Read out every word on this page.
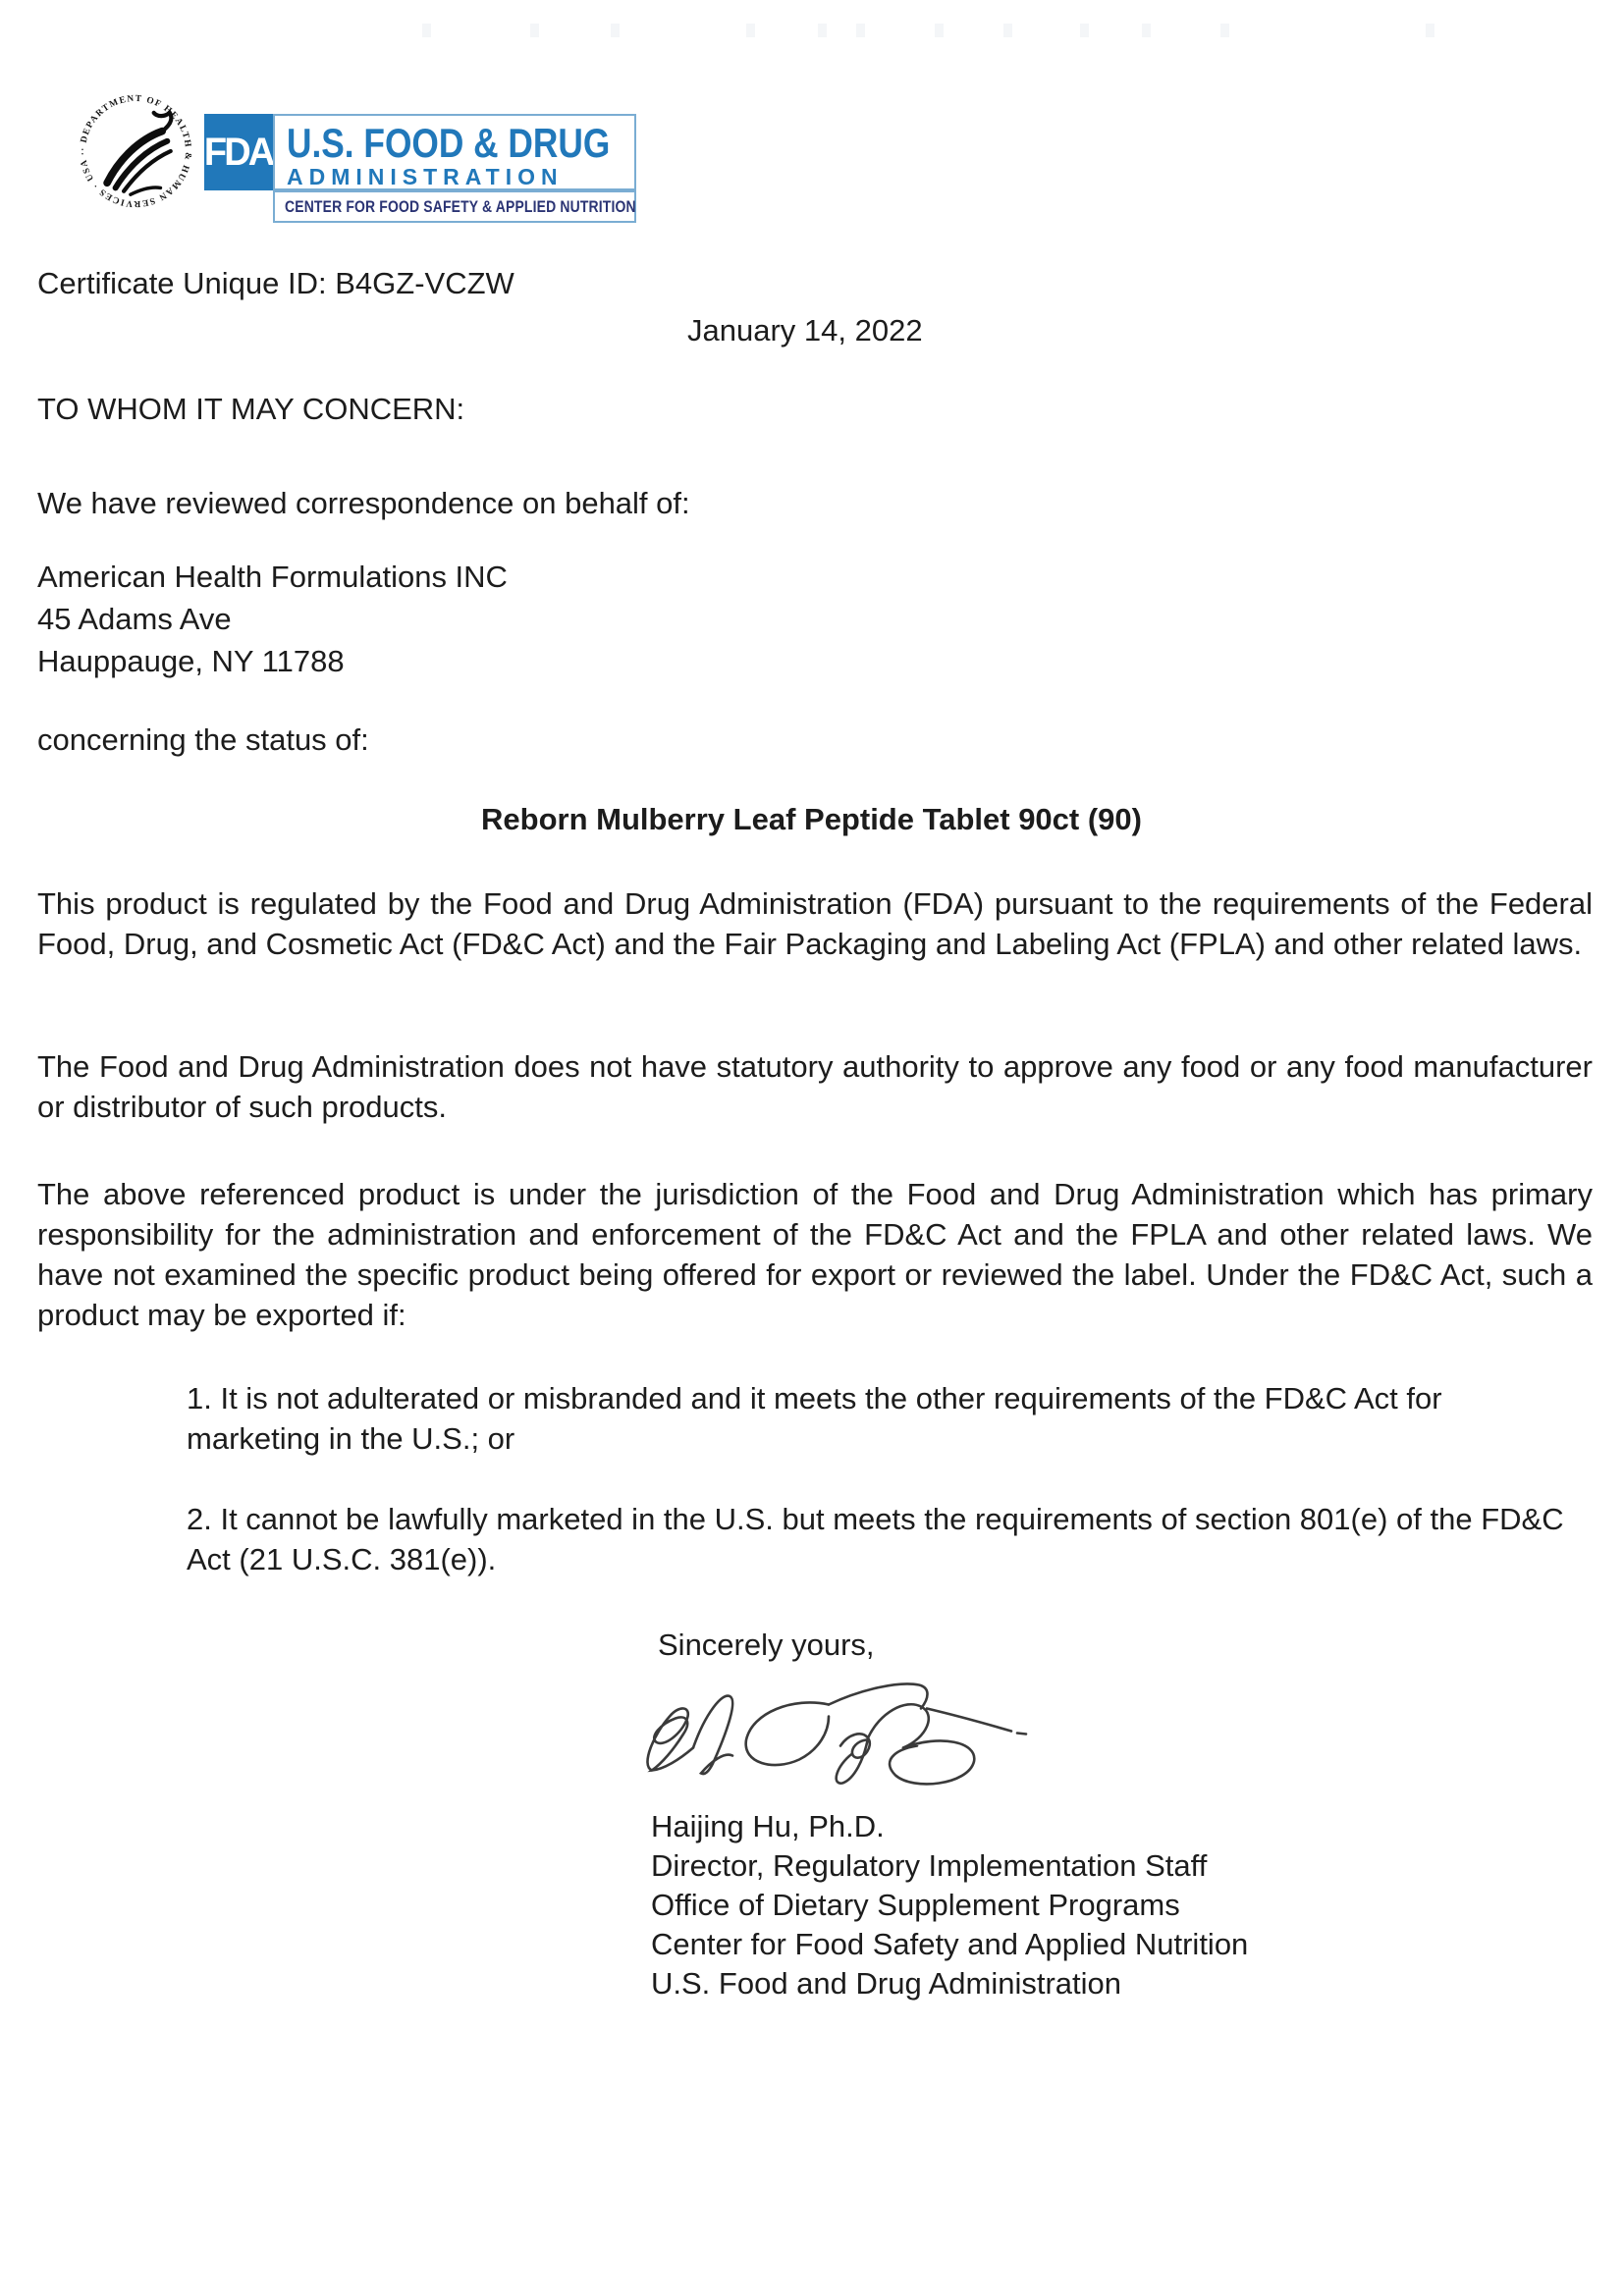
· DEPARTMENT OF HEALTH & HUMAN SERVICES · USA ·	FDA U.S. FOOD & DRUG
ADMINISTRATION
CENTER FOR FOOD SAFETY & APPLIED NUTRITION

Certificate Unique ID: B4GZ-VCZW

January 14, 2022

TO WHOM IT MAY CONCERN:

We have reviewed correspondence on behalf of:

American Health Formulations INC
45 Adams Ave
Hauppauge, NY 11788

concerning the status of:

Reborn Mulberry Leaf Peptide Tablet 90ct (90)

This product is regulated by the Food and Drug Administration (FDA) pursuant to the requirements of the Federal Food, Drug, and Cosmetic Act (FD&C Act) and the Fair Packaging and Labeling Act (FPLA) and other related laws.

The Food and Drug Administration does not have statutory authority to approve any food or any food manufacturer or distributor of such products.

The above referenced product is under the jurisdiction of the Food and Drug Administration which has primary responsibility for the administration and enforcement of the FD&C Act and the FPLA and other related laws. We have not examined the specific product being offered for export or reviewed the label. Under the FD&C Act, such a product may be exported if:

1. It is not adulterated or misbranded and it meets the other requirements of the FD&C Act for marketing in the U.S.; or

2. It cannot be lawfully marketed in the U.S. but meets the requirements of section 801(e) of the FD&C Act (21 U.S.C. 381(e)).

Sincerely yours,

Haijing Hu, Ph.D.
Director, Regulatory Implementation Staff
Office of Dietary Supplement Programs
Center for Food Safety and Applied Nutrition
U.S. Food and Drug Administration
